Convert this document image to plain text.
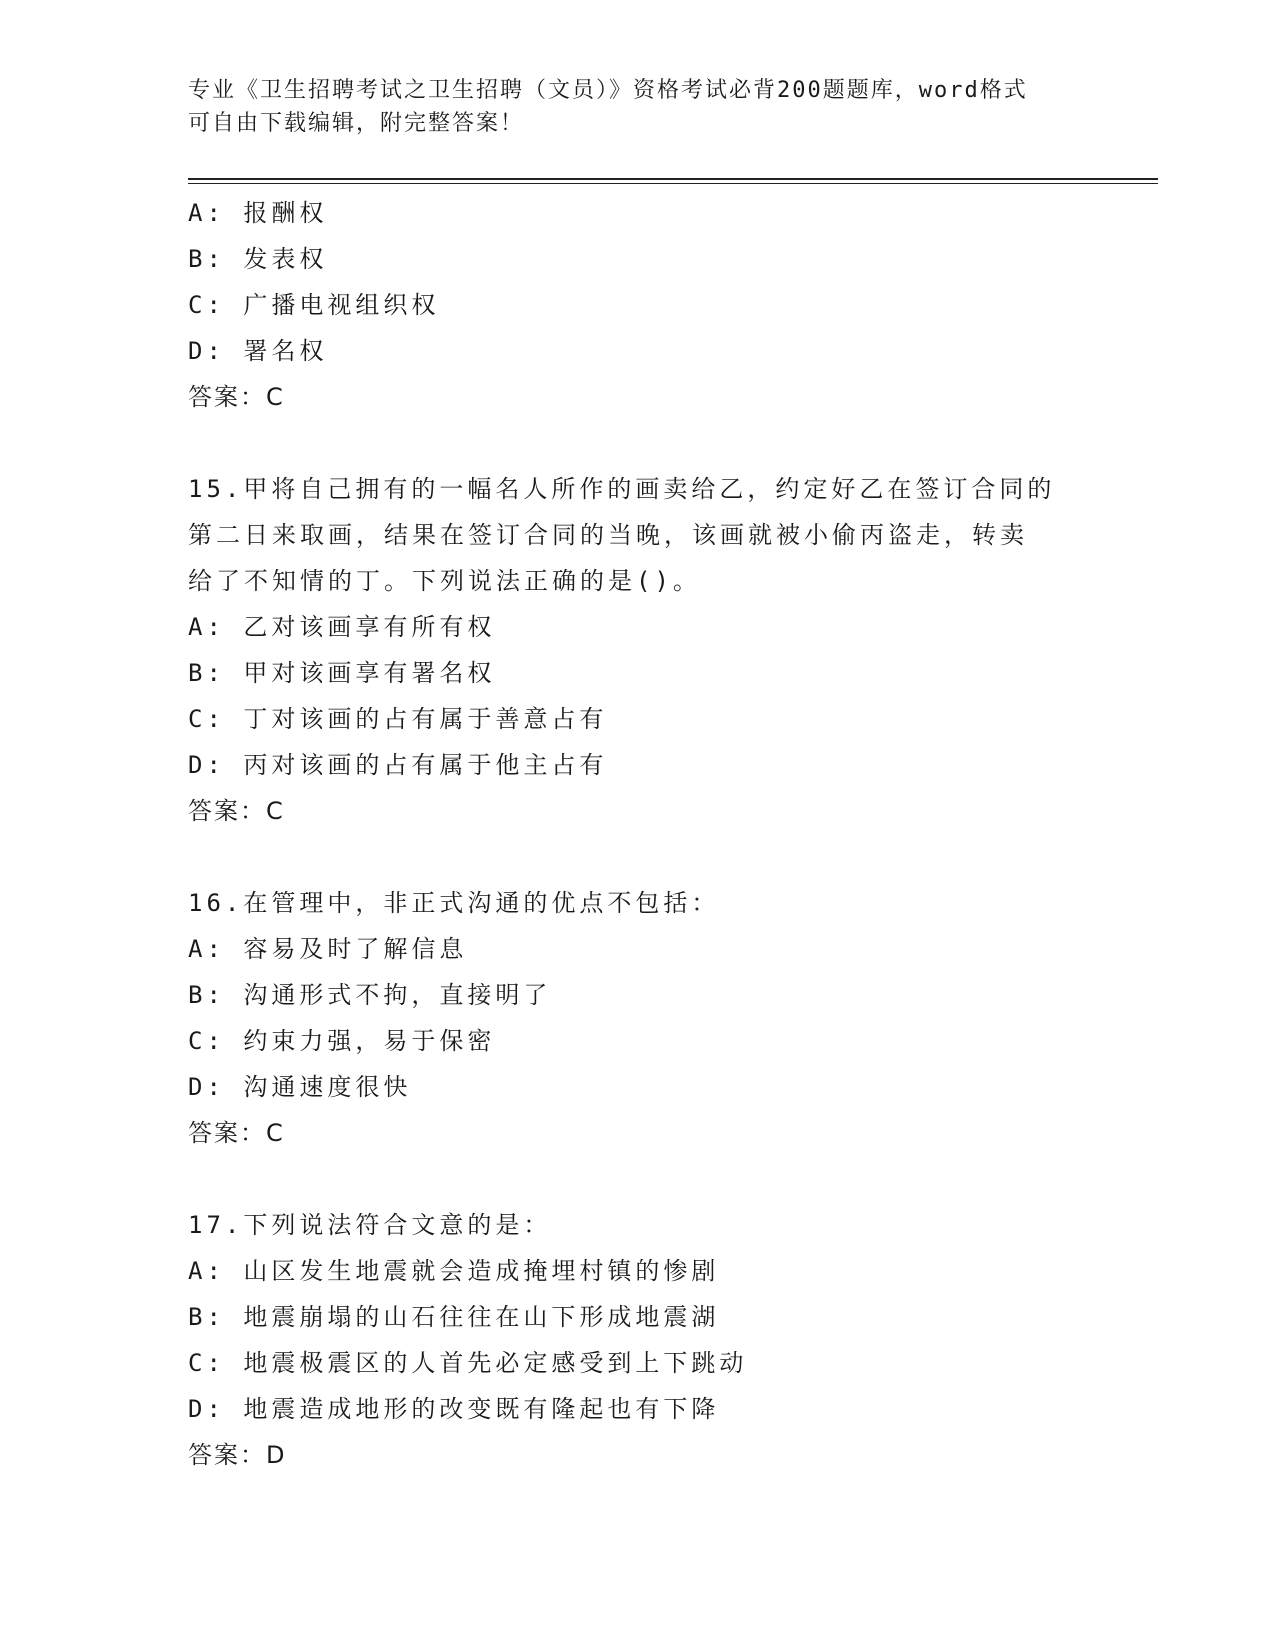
专业《卫生招聘考试之卫生招聘（文员）》资格考试必背200题题库，word格式

可自由下载编辑，附完整答案！

A: 报酬权
B: 发表权
C: 广播电视组织权
D: 署名权
答案：C
15.甲将自己拥有的一幅名人所作的画卖给乙，约定好乙在签订合同的
第二日来取画，结果在签订合同的当晚，该画就被小偷丙盗走，转卖
给了不知情的丁。下列说法正确的是()。
A: 乙对该画享有所有权
B: 甲对该画享有署名权
C: 丁对该画的占有属于善意占有
D: 丙对该画的占有属于他主占有
答案：C
16.在管理中，非正式沟通的优点不包括：
A: 容易及时了解信息
B: 沟通形式不拘，直接明了
C: 约束力强，易于保密
D: 沟通速度很快
答案：C
17.下列说法符合文意的是：
A: 山区发生地震就会造成掩埋村镇的惨剧
B: 地震崩塌的山石往往在山下形成地震湖
C: 地震极震区的人首先必定感受到上下跳动
D: 地震造成地形的改变既有隆起也有下降
答案：D
